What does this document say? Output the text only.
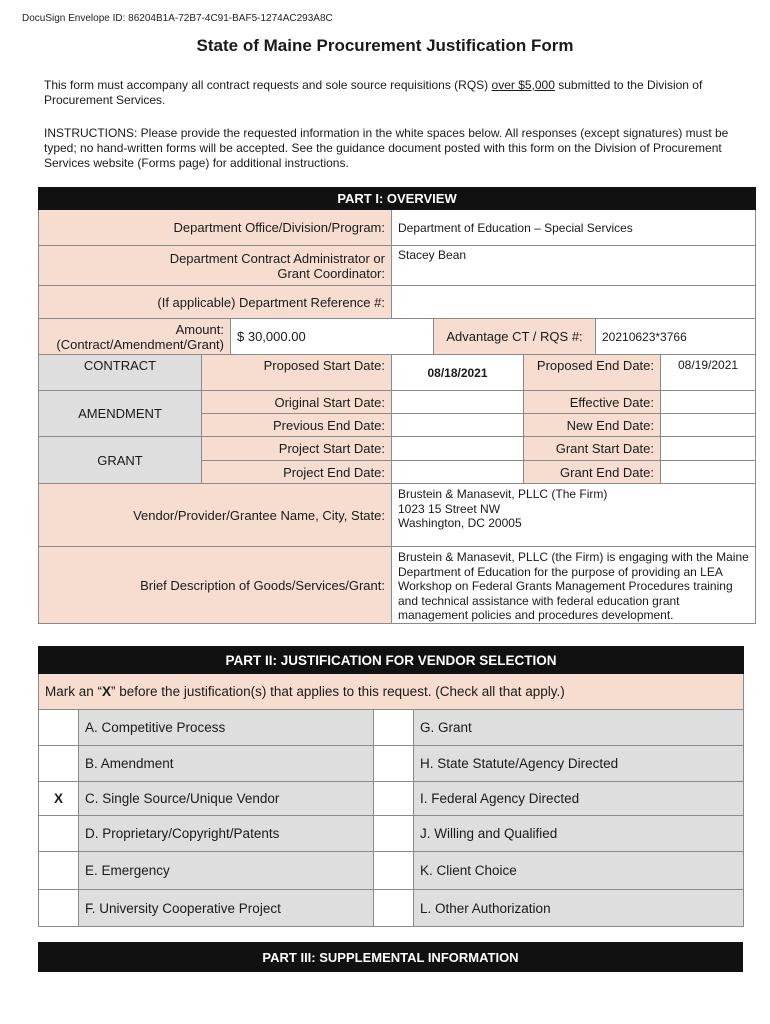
DocuSign Envelope ID: 86204B1A-72B7-4C91-BAF5-1274AC293A8C
State of Maine Procurement Justification Form
This form must accompany all contract requests and sole source requisitions (RQS) over $5,000 submitted to the Division of Procurement Services.
INSTRUCTIONS: Please provide the requested information in the white spaces below. All responses (except signatures) must be typed; no hand-written forms will be accepted. See the guidance document posted with this form on the Division of Procurement Services website (Forms page) for additional instructions.
PART I: OVERVIEW							
Department Office/Division/Program:			Department of Education – Special Services				

Department Contract Administrator or
Grant Coordinator:			Stacey Bean				
(If applicable) Department Reference #:							

Amount:
(Contract/Amendment/Grant)		$ 30,000.00		Advantage CT / RQS #:		20210623*3766	
CONTRACT	Proposed Start Date:		08/18/2021		Proposed End Date:		08/19/2021
AMENDMENT	Original Start Date:				Effective Date:		
	Previous End Date:				New End Date:		
GRANT	Project Start Date:				Grant Start Date:		
	Project End Date:				Grant End Date:		
Vendor/Provider/Grantee Name, City, State:			Brustein & Manasevit, PLLC (The Firm)
1023 15 Street NW
Washington, DC 20005				

Brief Description of Goods/Services/Grant:			Brustein & Manasevit, PLLC (the Firm) is engaging with the Maine Department of Education for the purpose of providing an LEA Workshop on Federal Grants Management Procedures training and technical assistance with federal education grant management policies and procedures development.				
PART II: JUSTIFICATION FOR VENDOR SELECTION			
Mark an “X” before the justification(s) that applies to this request. (Check all that apply.)			
	A. Competitive Process		G. Grant
	B. Amendment		H. State Statute/Agency Directed
X	C. Single Source/Unique Vendor		I. Federal Agency Directed
	D. Proprietary/Copyright/Patents		J. Willing and Qualified
	E. Emergency		K. Client Choice
	F. University Cooperative Project		L. Other Authorization
PART III: SUPPLEMENTAL INFORMATION
